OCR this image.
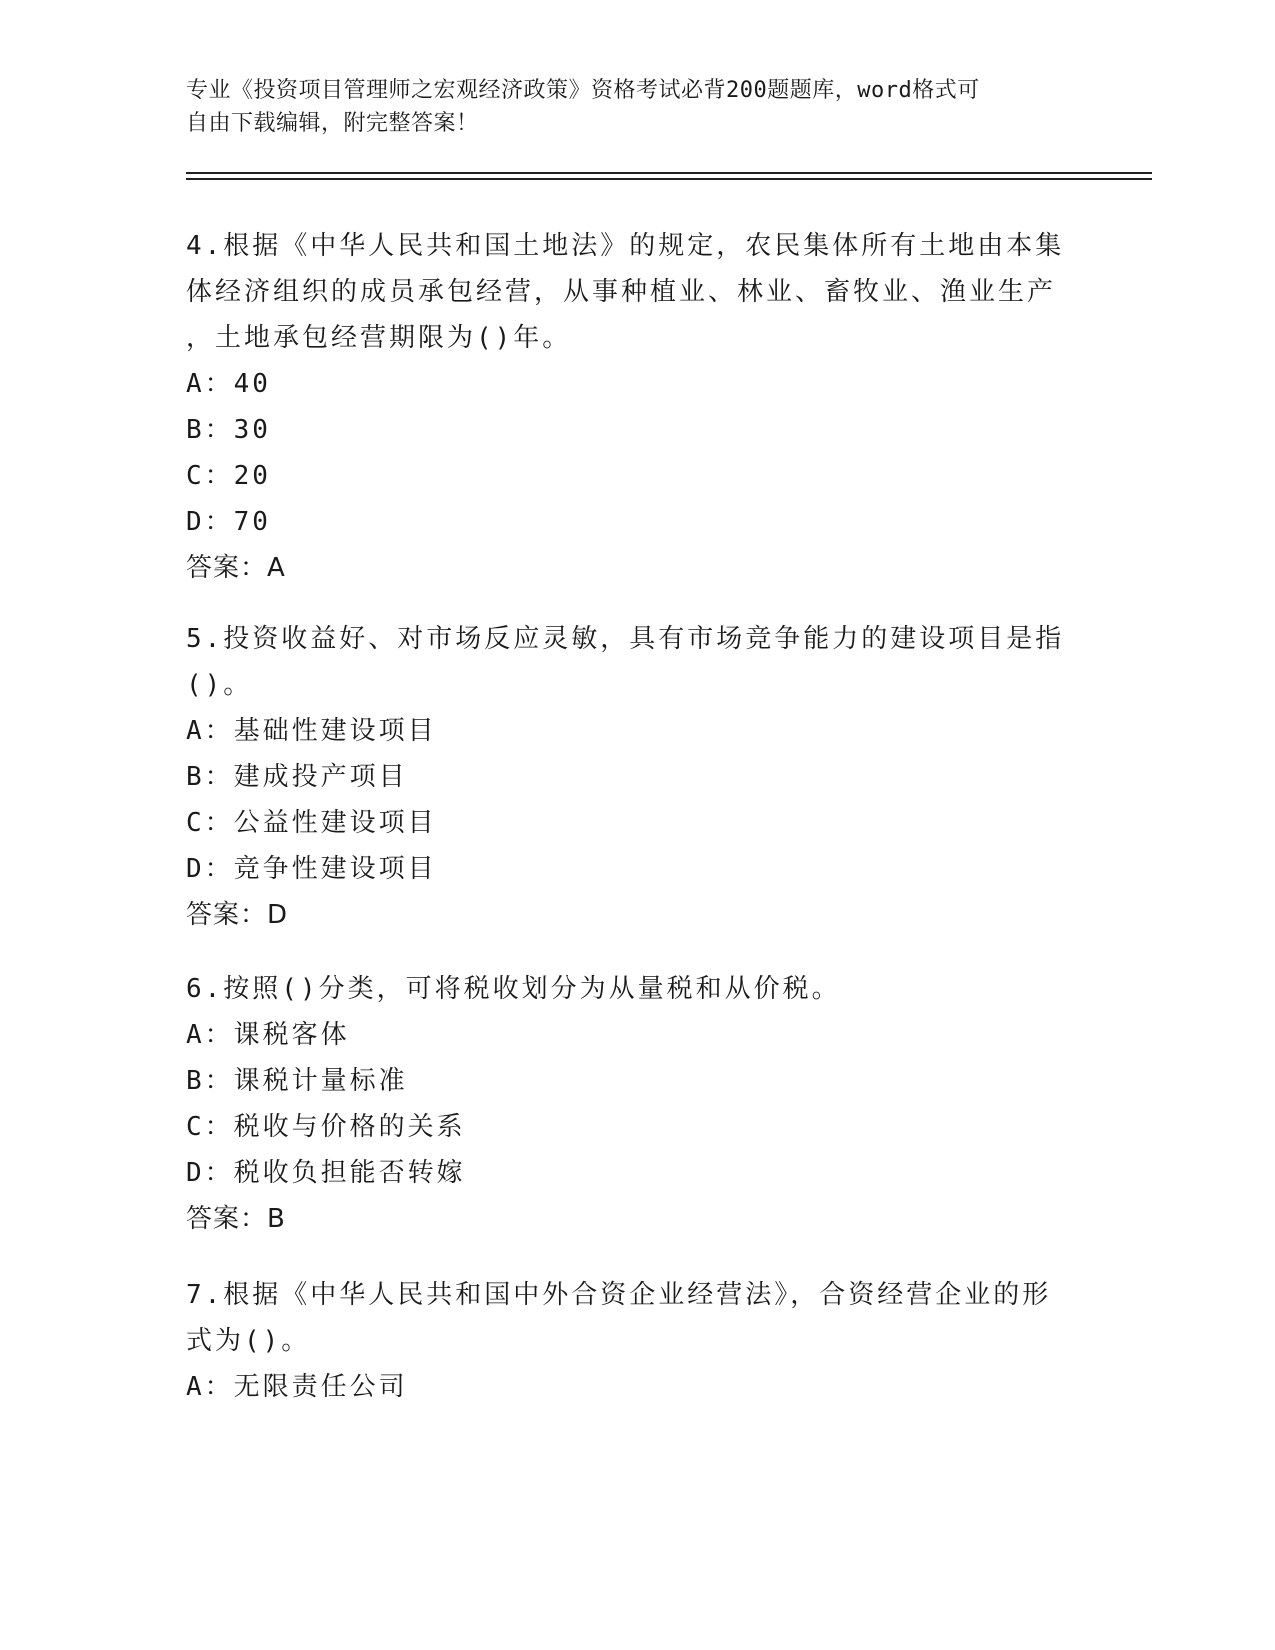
专业《投资项目管理师之宏观经济政策》资格考试必背200题题库，word格式可
自由下载编辑，附完整答案！

4.根据《中华人民共和国土地法》的规定，农民集体所有土地由本集

体经济组织的成员承包经营，从事种植业、林业、畜牧业、渔业生产

，土地承包经营期限为()年。

A：40

B：30

C：20

D：70

答案：A

5.投资收益好、对市场反应灵敏，具有市场竞争能力的建设项目是指

()。

A：基础性建设项目

B：建成投产项目

C：公益性建设项目

D：竞争性建设项目

答案：D

6.按照()分类，可将税收划分为从量税和从价税。

A：课税客体

B：课税计量标准

C：税收与价格的关系

D：税收负担能否转嫁

答案：B

7.根据《中华人民共和国中外合资企业经营法》，合资经营企业的形

式为()。

A：无限责任公司
